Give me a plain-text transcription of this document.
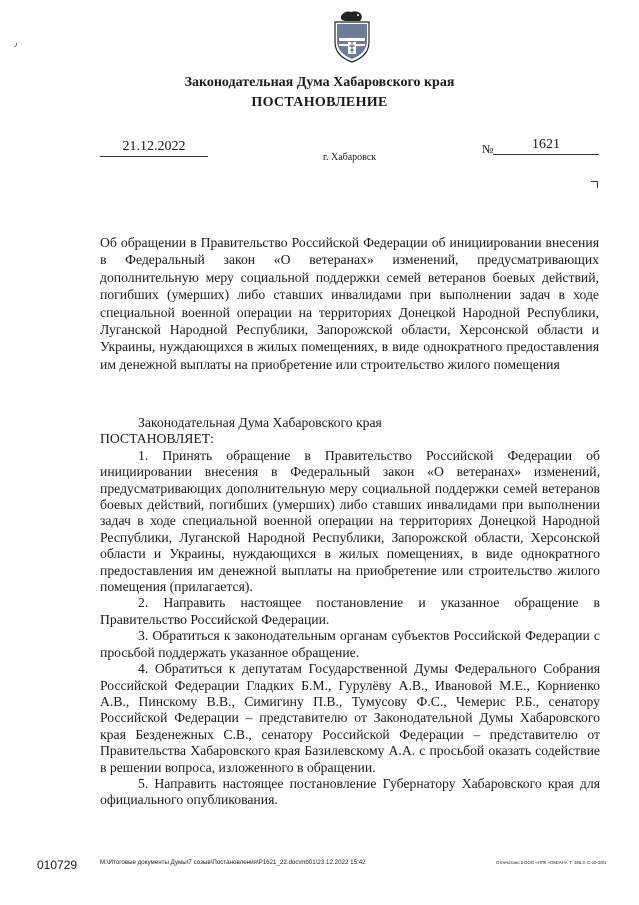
٫
Законодательная Дума Хабаровского края
ПОСТАНОВЛЕНИЕ
21.12.2022
г. Хабаровск
№	1621
Об обращении в Правительство Российской Федерации об инициировании внесения в Федеральный закон «О ветеранах» изменений, предусматривающих дополнительную меру социальной поддержки семей ветеранов боевых действий, погибших (умерших) либо ставших инвалидами при выполнении задач в ходе специальной военной операции на территориях Донецкой Народной Республики, Луганской Народной Республики, Запорожской области, Херсонской области и Украины, нуждающихся в жилых помещениях, в виде однократного предоставления им денежной выплаты на приобретение или строительство жилого помещения

Законодательная Дума Хабаровского края

ПОСТАНОВЛЯЕТ:

1. Принять обращение в Правительство Российской Федерации об инициировании внесения в Федеральный закон «О ветеранах» изменений, предусматривающих дополнительную меру социальной поддержки семей ветеранов боевых действий, погибших (умерших) либо ставших инвалидами при выполнении задач в ходе специальной военной операции на территориях Донецкой Народной Республики, Луганской Народной Республики, Запорожской области, Херсонской области и Украины, нуждающихся в жилых помещениях, в виде однократного предоставления им денежной выплаты на приобретение или строительство жилого помещения (прилагается).

2. Направить настоящее постановление и указанное обращение в Правительство Российской Федерации.

3. Обратиться к законодательным органам субъектов Российской Федерации с просьбой поддержать указанное обращение.

4. Обратиться к депутатам Государственной Думы Федерального Собрания Российской Федерации Гладких Б.М., Гурулёву А.В., Ивановой М.Е., Корниенко А.В., Пинскому В.В., Симигину П.В., Тумусову Ф.С., Чемерис Р.Б., сенатору Российской Федерации – представителю от Законодательной Думы Хабаровского края Безденежных С.В., сенатору Российской Федерации – представителю от Правительства Хабаровского края Базилевскому А.А. с просьбой оказать содействие в решении вопроса, изложенного в обращении.

5. Направить настоящее постановление Губернатору Хабаровского края для официального опубликования.

010729	M:\Итоговые документы Думы\7 созыв\Постановления\P1621_22.doc\mb01\23.12.2022 15:42	Отпечатано в ООО «НПК «ОКЕАН». Т. 185.3. С-10-18/1
